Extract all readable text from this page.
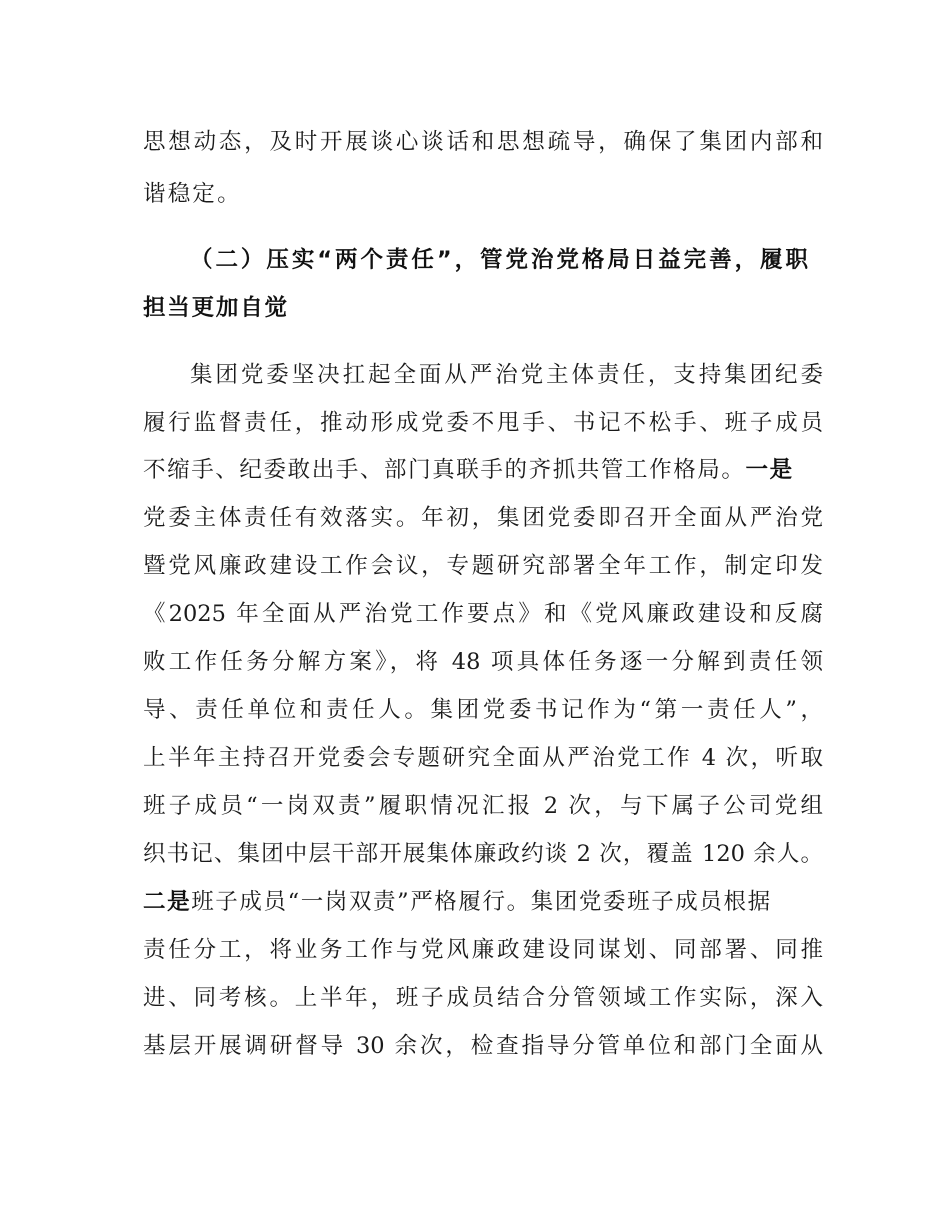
思想动态，及时开展谈心谈话和思想疏导，确保了集团内部和
谐稳定。
（二）压实“两个责任”，管党治党格局日益完善，履职
担当更加自觉
集团党委坚决扛起全面从严治党主体责任，支持集团纪委
履行监督责任，推动形成党委不甩手、书记不松手、班子成员
不缩手、纪委敢出手、部门真联手的齐抓共管工作格局。一是
党委主体责任有效落实。年初，集团党委即召开全面从严治党
暨党风廉政建设工作会议，专题研究部署全年工作，制定印发
《2025 年全面从严治党工作要点》和《党风廉政建设和反腐
败工作任务分解方案》，将 48 项具体任务逐一分解到责任领
导、责任单位和责任人。集团党委书记作为“第一责任人”，
上半年主持召开党委会专题研究全面从严治党工作 4 次，听取
班子成员“一岗双责”履职情况汇报 2 次，与下属子公司党组
织书记、集团中层干部开展集体廉政约谈 2 次，覆盖 120 余人。
二是班子成员“一岗双责”严格履行。集团党委班子成员根据
责任分工，将业务工作与党风廉政建设同谋划、同部署、同推
进、同考核。上半年，班子成员结合分管领域工作实际，深入
基层开展调研督导 30 余次，检查指导分管单位和部门全面从
